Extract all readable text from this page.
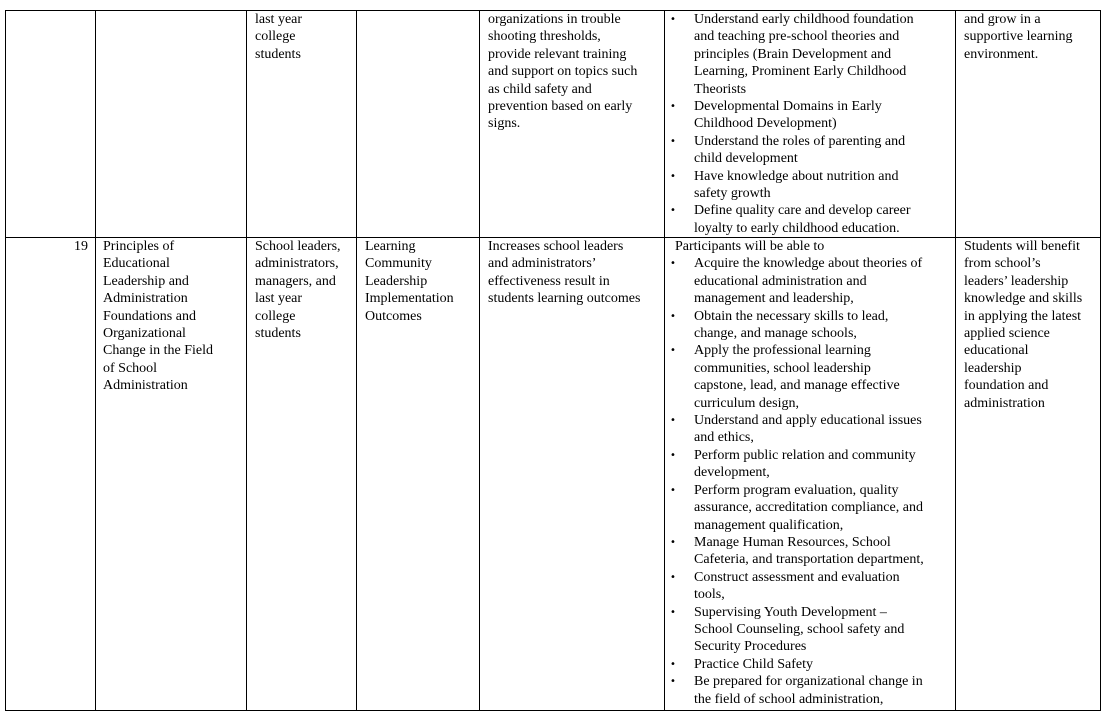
last year
college
students
organizations in trouble
shooting thresholds,
provide relevant training
and support on topics such
as child safety and
prevention based on early
signs.
• Understand early childhood foundation
and teaching pre-school theories and
principles (Brain Development and
Learning, Prominent Early Childhood
Theorists
• Developmental Domains in Early
Childhood Development)
• Understand the roles of parenting and
child development
• Have knowledge about nutrition and
safety growth
• Define quality care and develop career
loyalty to early childhood education.
and grow in a
supportive learning
environment.
19 Principles of
Educational
Leadership and
Administration
Foundations and
Organizational
Change in the Field
of School
Administration
School leaders,
administrators,
managers, and
last year
college
students
Learning
Community
Leadership
Implementation
Outcomes
Increases school leaders
and administrators’
effectiveness result in
students learning outcomes
Participants will be able to
• Acquire the knowledge about theories of
educational administration and
management and leadership,
• Obtain the necessary skills to lead,
change, and manage schools,
• Apply the professional learning
communities, school leadership
capstone, lead, and manage effective
curriculum design,
• Understand and apply educational issues
and ethics,
• Perform public relation and community
development,
• Perform program evaluation, quality
assurance, accreditation compliance, and
management qualification,
• Manage Human Resources, School
Cafeteria, and transportation department,
• Construct assessment and evaluation
tools,
• Supervising Youth Development –
School Counseling, school safety and
Security Procedures
• Practice Child Safety
• Be prepared for organizational change in
the field of school administration,
Students will benefit
from school’s
leaders’ leadership
knowledge and skills
in applying the latest
applied science
educational
leadership
foundation and
administration
